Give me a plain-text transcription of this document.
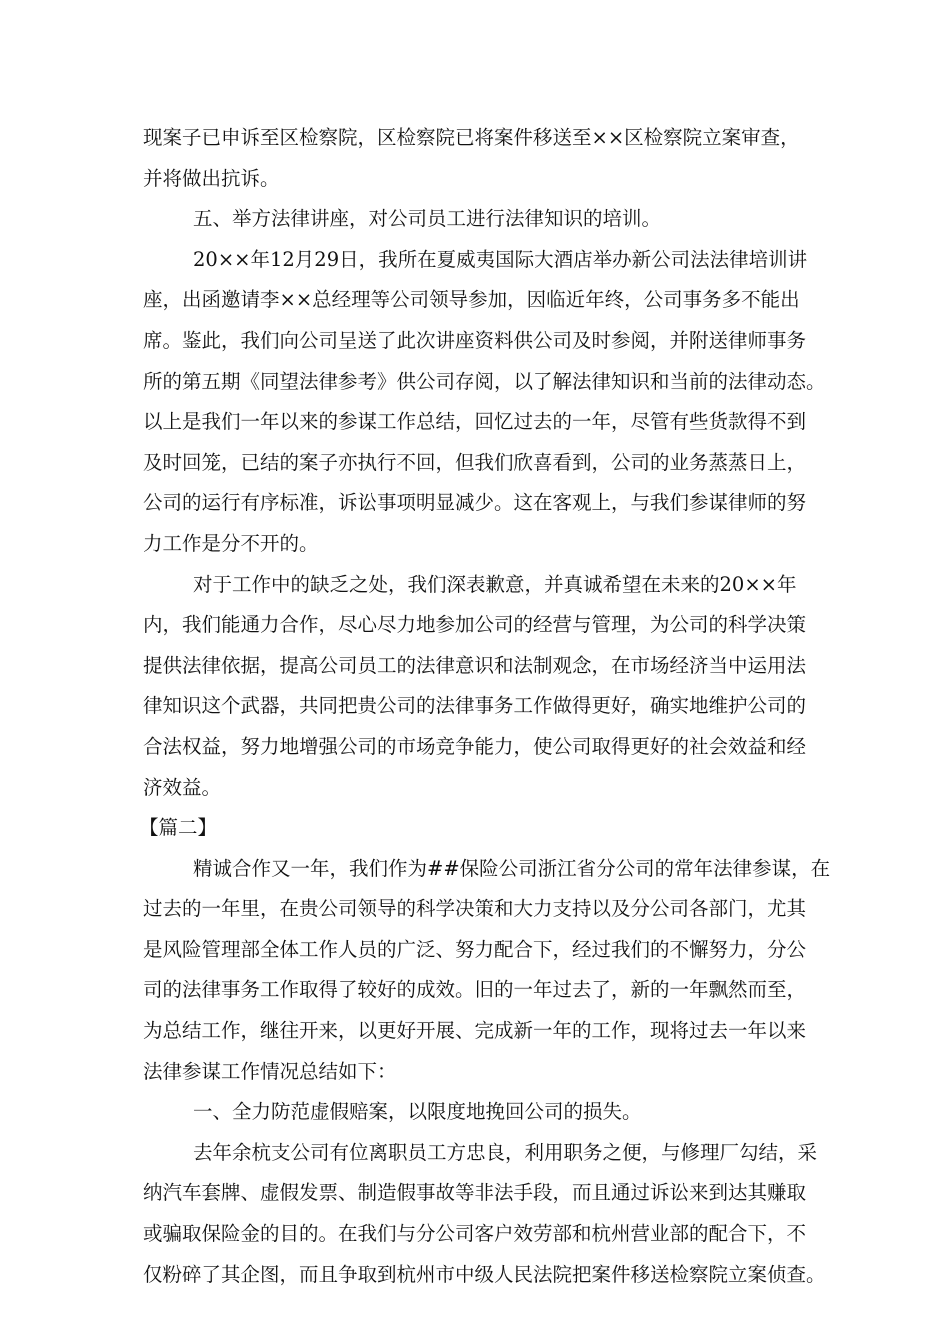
现案子已申诉至区检察院，区检察院已将案件移送至××区检察院立案审查，
并将做出抗诉。
五、举方法律讲座，对公司员工进行法律知识的培训。
20××年12月29日，我所在夏威夷国际大酒店举办新公司法法律培训讲
座，出函邀请李××总经理等公司领导参加，因临近年终，公司事务多不能出
席。鉴此，我们向公司呈送了此次讲座资料供公司及时参阅，并附送律师事务
所的第五期《同望法律参考》供公司存阅，以了解法律知识和当前的法律动态。
以上是我们一年以来的参谋工作总结，回忆过去的一年，尽管有些货款得不到
及时回笼，已结的案子亦执行不回，但我们欣喜看到，公司的业务蒸蒸日上，
公司的运行有序标准，诉讼事项明显减少。这在客观上，与我们参谋律师的努
力工作是分不开的。
对于工作中的缺乏之处，我们深表歉意，并真诚希望在未来的20××年
内，我们能通力合作，尽心尽力地参加公司的经营与管理，为公司的科学决策
提供法律依据，提高公司员工的法律意识和法制观念，在市场经济当中运用法
律知识这个武器，共同把贵公司的法律事务工作做得更好，确实地维护公司的
合法权益，努力地增强公司的市场竞争能力，使公司取得更好的社会效益和经
济效益。
【篇二】
精诚合作又一年，我们作为##保险公司浙江省分公司的常年法律参谋，在
过去的一年里，在贵公司领导的科学决策和大力支持以及分公司各部门，尤其
是风险管理部全体工作人员的广泛、努力配合下，经过我们的不懈努力，分公
司的法律事务工作取得了较好的成效。旧的一年过去了，新的一年飘然而至，
为总结工作，继往开来，以更好开展、完成新一年的工作，现将过去一年以来
法律参谋工作情况总结如下：
一、全力防范虚假赔案，以限度地挽回公司的损失。
去年余杭支公司有位离职员工方忠良，利用职务之便，与修理厂勾结，采
纳汽车套牌、虚假发票、制造假事故等非法手段，而且通过诉讼来到达其赚取
或骗取保险金的目的。在我们与分公司客户效劳部和杭州营业部的配合下，不
仅粉碎了其企图，而且争取到杭州市中级人民法院把案件移送检察院立案侦查。
